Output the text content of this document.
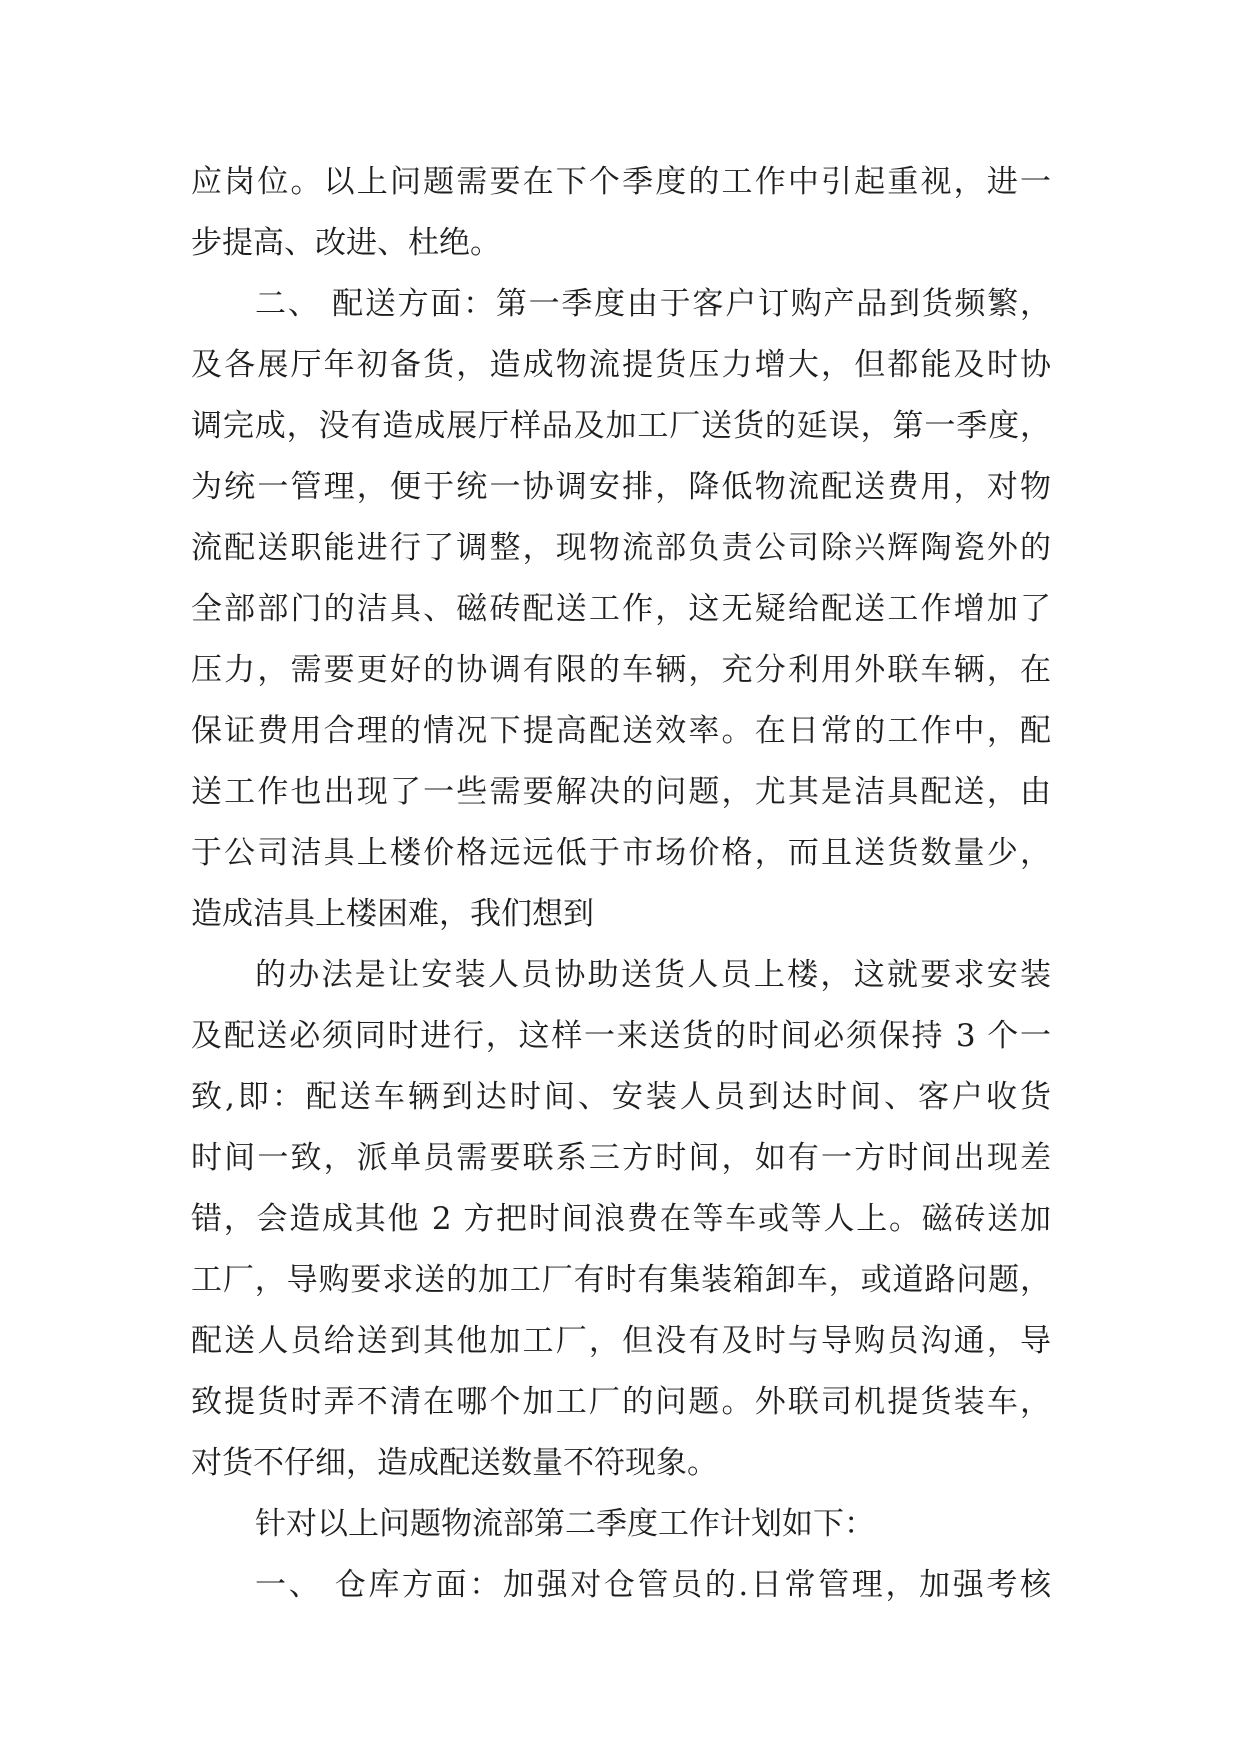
应岗位。以上问题需要在下个季度的工作中引起重视，进一
步提高、改进、杜绝。
二、 配送方面：第一季度由于客户订购产品到货频繁，
及各展厅年初备货，造成物流提货压力增大，但都能及时协
调完成，没有造成展厅样品及加工厂送货的延误，第一季度，
为统一管理，便于统一协调安排，降低物流配送费用，对物
流配送职能进行了调整，现物流部负责公司除兴辉陶瓷外的
全部部门的洁具、磁砖配送工作，这无疑给配送工作增加了
压力，需要更好的协调有限的车辆，充分利用外联车辆，在
保证费用合理的情况下提高配送效率。在日常的工作中，配
送工作也出现了一些需要解决的问题，尤其是洁具配送，由
于公司洁具上楼价格远远低于市场价格，而且送货数量少，
造成洁具上楼困难，我们想到
的办法是让安装人员协助送货人员上楼，这就要求安装
及配送必须同时进行，这样一来送货的时间必须保持 3 个一
致,即：配送车辆到达时间、安装人员到达时间、客户收货
时间一致，派单员需要联系三方时间，如有一方时间出现差
错，会造成其他 2 方把时间浪费在等车或等人上。磁砖送加
工厂，导购要求送的加工厂有时有集装箱卸车，或道路问题，
配送人员给送到其他加工厂，但没有及时与导购员沟通，导
致提货时弄不清在哪个加工厂的问题。外联司机提货装车，
对货不仔细，造成配送数量不符现象。
针对以上问题物流部第二季度工作计划如下：
一、 仓库方面：加强对仓管员的.日常管理，加强考核
